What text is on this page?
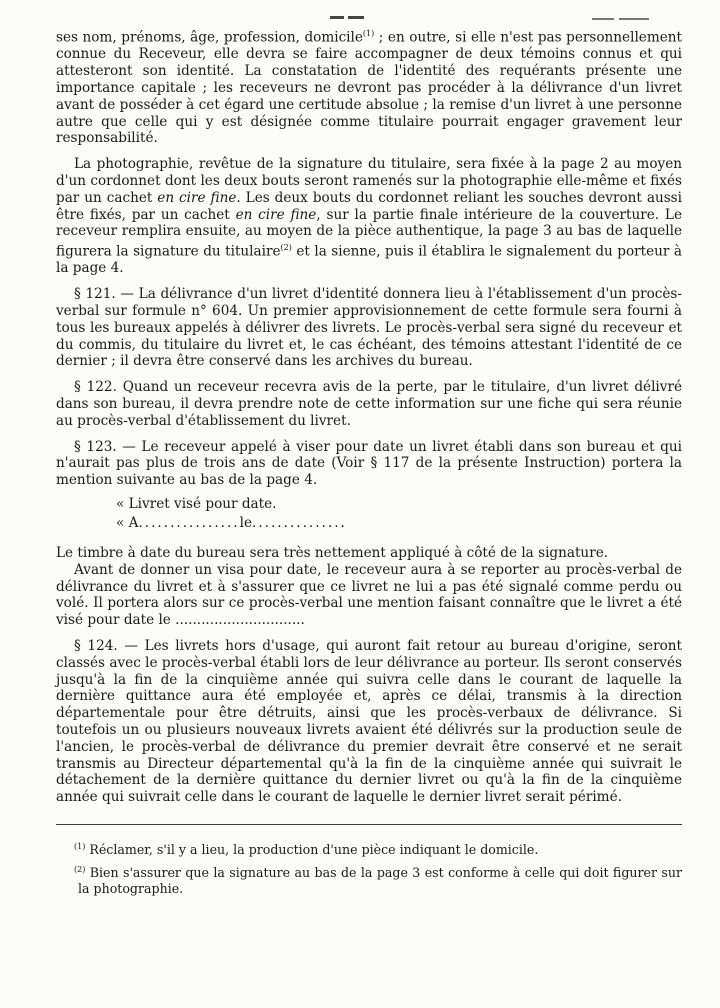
ses nom, prénoms, âge, profession, domicile$^{(1)}$ ; en outre, si elle n'est pas personnellement connue du Receveur, elle devra se faire accompagner de deux témoins connus et qui attesteront son identité. La constatation de l'identité des requérants présente une importance capitale ; les receveurs ne devront pas procéder à la délivrance d'un livret avant de posséder à cet égard une certitude absolue ; la remise d'un livret à une personne autre que celle qui y est désignée comme titulaire pourrait engager gravement leur responsabilité.

La photographie, revêtue de la signature du titulaire, sera fixée à la page 2 au moyen d'un cordonnet dont les deux bouts seront ramenés sur la photographie elle-même et fixés par un cachet en cire fine. Les deux bouts du cordonnet reliant les souches devront aussi être fixés, par un cachet en cire fine, sur la partie finale intérieure de la couverture. Le receveur remplira ensuite, au moyen de la pièce authentique, la page 3 au bas de laquelle figurera la signature du titulaire$^{(2)}$ et la sienne, puis il établira le signalement du porteur à la page 4.

§ 121. — La délivrance d'un livret d'identité donnera lieu à l'établissement d'un procès-verbal sur formule n° 604. Un premier approvisionnement de cette formule sera fourni à tous les bureaux appelés à délivrer des livrets. Le procès-verbal sera signé du receveur et du commis, du titulaire du livret et, le cas échéant, des témoins attestant l'identité de ce dernier ; il devra être conservé dans les archives du bureau.

§ 122. Quand un receveur recevra avis de la perte, par le titulaire, d'un livret délivré dans son bureau, il devra prendre note de cette information sur une fiche qui sera réunie au procès-verbal d'établissement du livret.

§ 123. — Le receveur appelé à viser pour date un livret établi dans son bureau et qui n'aurait pas plus de trois ans de date (Voir § 117 de la présente Instruction) portera la mention suivante au bas de la page 4.

« Livret visé pour date.
« A................le...............

Le timbre à date du bureau sera très nettement appliqué à côté de la signature.

Avant de donner un visa pour date, le receveur aura à se reporter au procès-verbal de délivrance du livret et à s'assurer que ce livret ne lui a pas été signalé comme perdu ou volé. Il portera alors sur ce procès-verbal une mention faisant connaître que le livret a été visé pour date le ..............................

§ 124. — Les livrets hors d'usage, qui auront fait retour au bureau d'origine, seront classés avec le procès-verbal établi lors de leur délivrance au porteur. Ils seront conservés jusqu'à la fin de la cinquième année qui suivra celle dans le courant de laquelle la dernière quittance aura été employée et, après ce délai, transmis à la direction départementale pour être détruits, ainsi que les procès-verbaux de délivrance. Si toutefois un ou plusieurs nouveaux livrets avaient été délivrés sur la production seule de l'ancien, le procès-verbal de délivrance du premier devrait être conservé et ne serait transmis au Directeur départemental qu'à la fin de la cinquième année qui suivrait le détachement de la dernière quittance du dernier livret ou qu'à la fin de la cinquième année qui suivrait celle dans le courant de laquelle le dernier livret serait périmé.

$^{(1)}$ Réclamer, s'il y a lieu, la production d'une pièce indiquant le domicile.

$^{(2)}$ Bien s'assurer que la signature au bas de la page 3 est conforme à celle qui doit figurer sur la photographie.
